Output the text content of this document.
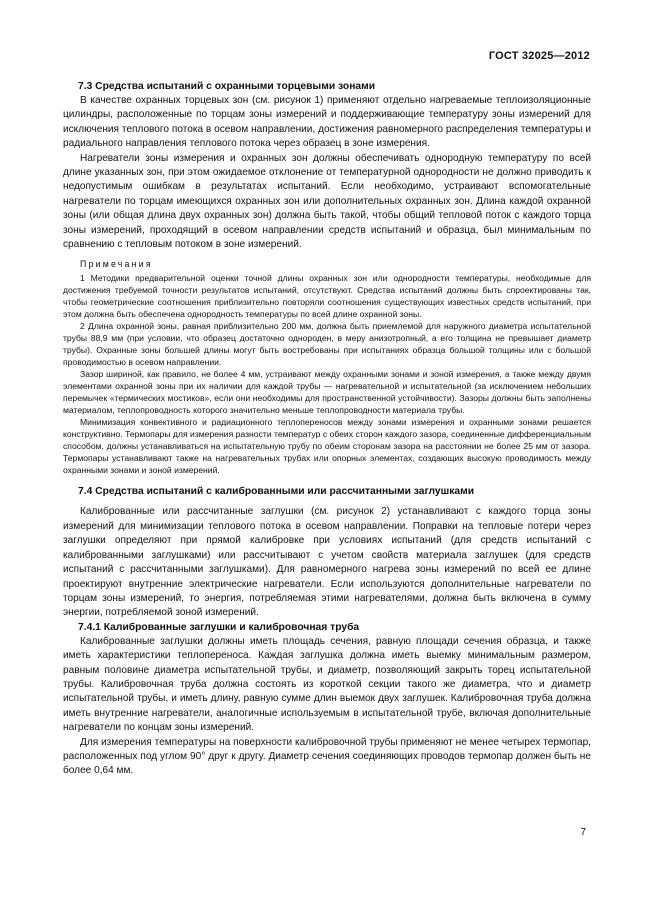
ГОСТ 32025—2012

7.3 Средства испытаний с охранными торцевыми зонами

В качестве охранных торцевых зон (см. рисунок 1) применяют отдельно нагреваемые теплоизоляционные цилиндры, расположенные по торцам зоны измерений и поддерживающие температуру зоны измерений для исключения теплового потока в осевом направлении, достижения равномерного распределения температуры и радиального направления теплового потока через образец в зоне измерения.

Нагреватели зоны измерения и охранных зон должны обеспечивать однородную температуру по всей длине указанных зон, при этом ожидаемое отклонение от температурной однородности не должно приводить к недопустимым ошибкам в результатах испытаний. Если необходимо, устраивают вспомогательные нагреватели по торцам имеющихся охранных зон или дополнительных охранных зон. Длина каждой охранной зоны (или общая длина двух охранных зон) должна быть такой, чтобы общий тепловой поток с каждого торца зоны измерений, проходящий в осевом направлении средств испытаний и образца, был минимальным по сравнению с тепловым потоком в зоне измерений.

Примечания

1 Методики предварительной оценки точной длины охранных зон или однородности температуры, необходимые для достижения требуемой точности результатов испытаний, отсутствуют. Средства испытаний должны быть спроектированы так, чтобы геометрические соотношения приблизительно повторяли соотношения существующих известных средств испытаний, при этом должна быть обеспечена однородность температуры по всей длине охранной зоны.

2 Длина охранной зоны, равная приблизительно 200 мм, должна быть приемлемой для наружного диаметра испытательной трубы 88,9 мм (при условии, что образец достаточно однороден, в меру анизотропный, а его толщина не превышает диаметр трубы). Охранные зоны большей длины могут быть востребованы при испытаниях образца большой толщины или с большой проводимостью в осевом направлении.

Зазор шириной, как правило, не более 4 мм, устраивают между охранными зонами и зоной измерения, а также между двумя элементами охранной зоны при их наличии для каждой трубы — нагревательной и испытательной (за исключением небольших перемычек «термических мостиков», если они необходимы для пространственной устойчивости). Зазоры должны быть заполнены материалом, теплопроводность которого значительно меньше теплопроводности материала трубы.

Минимизация конвективного и радиационного теплопереносов между зонами измерения и охранными зонами решается конструктивно. Термопары для измерения разности температур с обеих сторон каждого зазора, соединенные дифференциальным способом, должны устанавливаться на испытательную трубу по обеим сторонам зазора на расстоянии не более 25 мм от зазора. Термопары устанавливают также на нагревательных трубах или опорных элементах, создающих высокую проводимость между охранными зонами и зоной измерений.

7.4 Средства испытаний с калиброванными или рассчитанными заглушками

Калиброванные или рассчитанные заглушки (см. рисунок 2) устанавливают с каждого торца зоны измерений для минимизации теплового потока в осевом направлении. Поправки на тепловые потери через заглушки определяют при прямой калибровке при условиях испытаний (для средств испытаний с калиброванными заглушками) или рассчитывают с учетом свойств материала заглушек (для средств испытаний с рассчитанными заглушками). Для равномерного нагрева зоны измерений по всей ее длине проектируют внутренние электрические нагреватели. Если используются дополнительные нагреватели по торцам зоны измерений, то энергия, потребляемая этими нагревателями, должна быть включена в сумму энергии, потребляемой зоной измерений.

7.4.1 Калиброванные заглушки и калибровочная труба

Калиброванные заглушки должны иметь площадь сечения, равную площади сечения образца, и также иметь характеристики теплопереноса. Каждая заглушка должна иметь выемку минимальным размером, равным половине диаметра испытательной трубы, и диаметр, позволяющий закрыть торец испытательной трубы. Калибровочная труба должна состоять из короткой секции такого же диаметра, что и диаметр испытательной трубы, и иметь длину, равную сумме длин выемок двух заглушек. Калибровочная труба должна иметь внутренние нагреватели, аналогичные используемым в испытательной трубе, включая дополнительные нагреватели по концам зоны измерений.

Для измерения температуры на поверхности калибровочной трубы применяют не менее четырех термопар, расположенных под углом 90° друг к другу. Диаметр сечения соединяющих проводов термопар должен быть не более 0,64 мм.

7
